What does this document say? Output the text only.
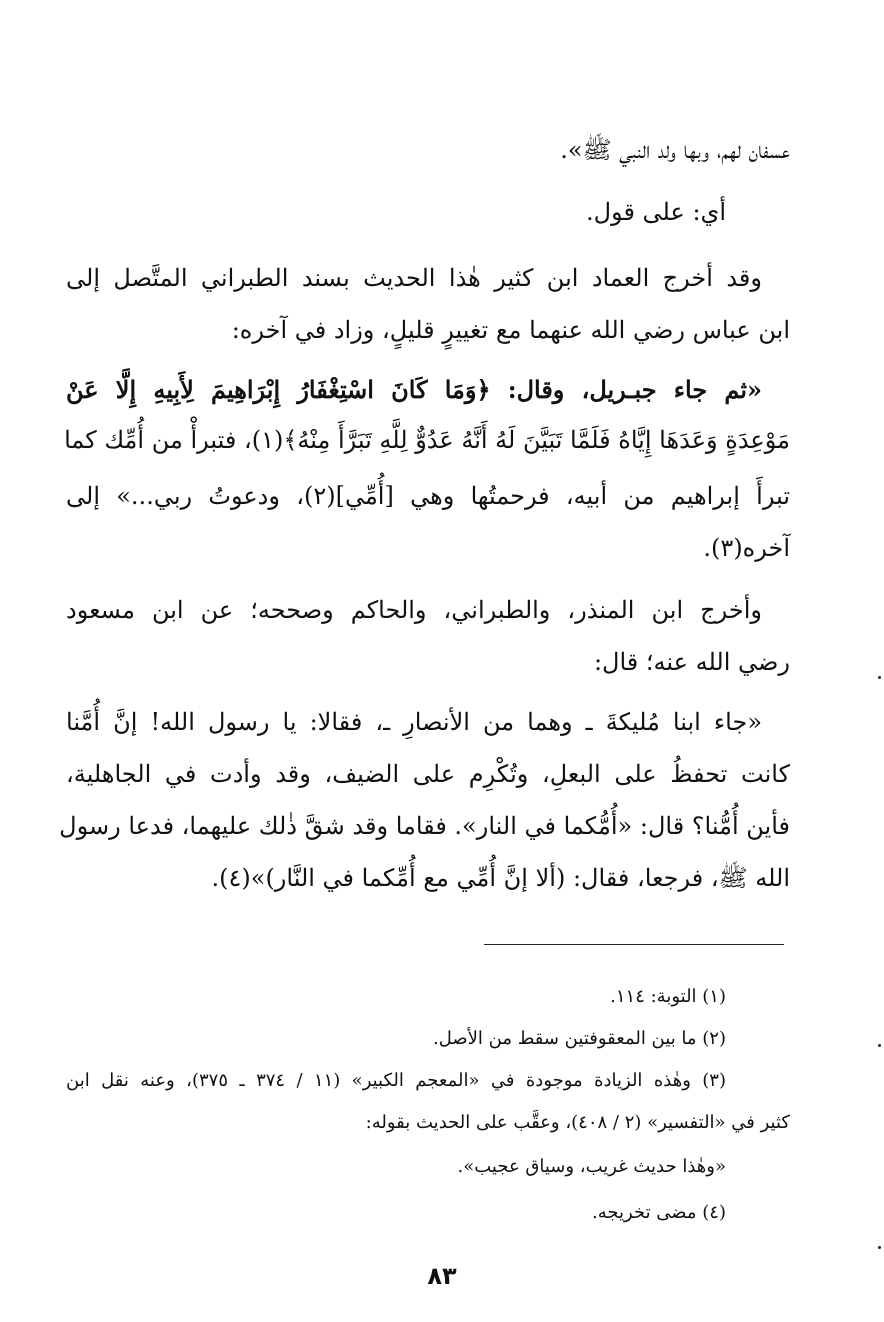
عسفان لهم، وبها ولد النبي ﷺ».
أي: على قول.
وقد أخرج العماد ابن كثير هٰذا الحديث بسند الطبراني المتَّصل إلى
ابن عباس رضي الله عنهما مع تغييرٍ قليلٍ، وزاد في آخره:
«ثم جاء جبـريل، وقال: ﴿وَمَا كَانَ اسْتِغْفَارُ إِبْرَاهِيمَ لِأَبِيهِ إِلَّا عَنْ
مَوْعِدَةٍ وَعَدَهَا إِيَّاهُ فَلَمَّا تَبَيَّنَ لَهُ أَنَّهُ عَدُوٌّ لِلَّهِ تَبَرَّأَ مِنْهُ﴾(١)، فتبرأْ من أُمِّك كما
تبرأَ إبراهيم من أبيه، فرحمتُها وهي [أُمِّي](٢)، ودعوتُ ربي...» إلى
آخره(٣).
وأخرج ابن المنذر، والطبراني، والحاكم وصححه؛ عن ابن مسعود
رضي الله عنه؛ قال:
«جاء ابنا مُليكةَ ـ وهما من الأنصارِ ـ، فقالا: يا رسول الله! إنَّ أُمَّنا
كانت تحفظُ على البعلِ، وتُكْرِم على الضيف، وقد وأدت في الجاهلية،
فأين أُمُّنا؟ قال: «أُمُّكما في النار». فقاما وقد شقَّ ذٰلك عليهما، فدعا رسول
الله ﷺ، فرجعا، فقال: (ألا إنَّ أُمِّي مع أُمِّكما في النَّار)»(٤).
(١) التوبة: ١١٤.
(٢) ما بين المعقوفتين سقط من الأصل.
(٣) وهٰذه الزيادة موجودة في «المعجم الكبير» (١١ / ٣٧٤ ـ ٣٧٥)، وعنه نقل ابن
كثير في «التفسير» (٢ / ٤٠٨)، وعقَّب على الحديث بقوله:
«وهٰذا حديث غريب، وسياق عجيب».
(٤) مضى تخريجه.
٨٣
